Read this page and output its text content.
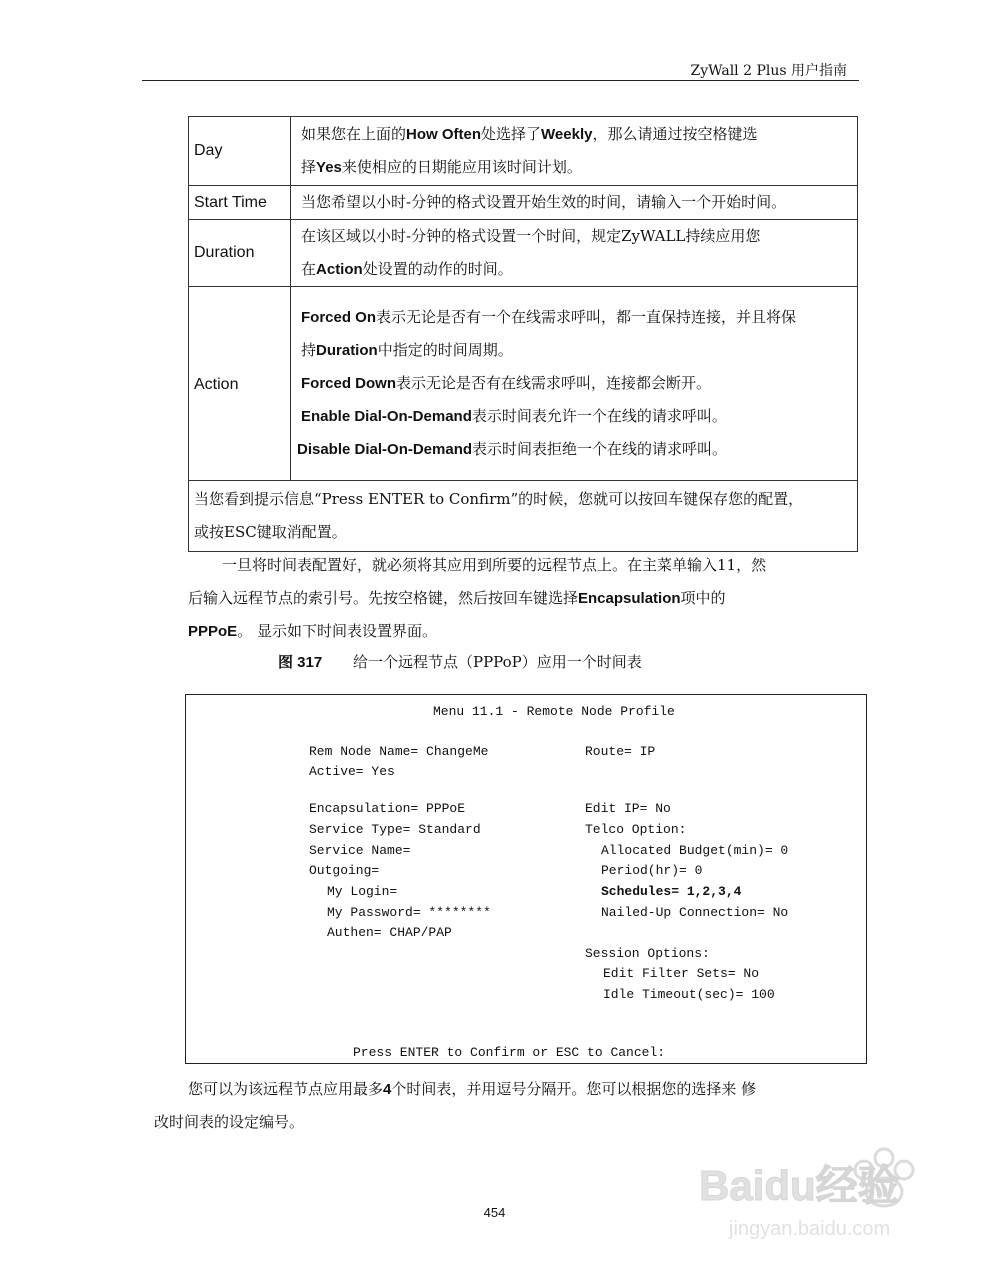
ZyWall 2 Plus 用户指南
Day	如果您在上面的How Often处选择了Weekly，那么请通过按空格键选
择Yes来使相应的日期能应用该时间计划。

Start Time	当您希望以小时-分钟的格式设置开始生效的时间，请输入一个开始时间。
Duration	在该区域以小时-分钟的格式设置一个时间，规定ZyWALL持续应用您
在Action处设置的动作的时间。

Action	Forced On表示无论是否有一个在线需求呼叫，都一直保持连接，并且将保
持Duration中指定的时间周期。
Forced Down表示无论是否有在线需求呼叫，连接都会断开。
Enable Dial-On-Demand表示时间表允许一个在线的请求呼叫。
Disable Dial-On-Demand表示时间表拒绝一个在线的请求呼叫。

当您看到提示信息“Press ENTER to Confirm”的时候，您就可以按回车键保存您的配置，
或按ESC键取消配置。	
一旦将时间表配置好，就必须将其应用到所要的远程节点上。在主菜单输入11，然
后输入远程节点的索引号。先按空格键，然后按回车键选择Encapsulation项中的
PPPoE。 显示如下时间表设置界面。
图 317 给一个远程节点（PPPoP）应用一个时间表
Menu 11.1 - Remote Node Profile
Rem Node Name= ChangeMe
Active= Yes
Encapsulation= PPPoE
Service Type= Standard
Service Name=
Outgoing=
My Login=
My Password= ********
Authen= CHAP/PAP
Route= IP
Edit IP= No
Telco Option:
Allocated Budget(min)= 0
Period(hr)= 0
Schedules= 1,2,3,4
Nailed-Up Connection= No
Session Options:
Edit Filter Sets= No
Idle Timeout(sec)= 100
Press ENTER to Confirm or ESC to Cancel:
您可以为该远程节点应用最多4个时间表，并用逗号分隔开。您可以根据您的选择来 修
改时间表的设定编号。
454
Baidu经验
jingyan.baidu.com
